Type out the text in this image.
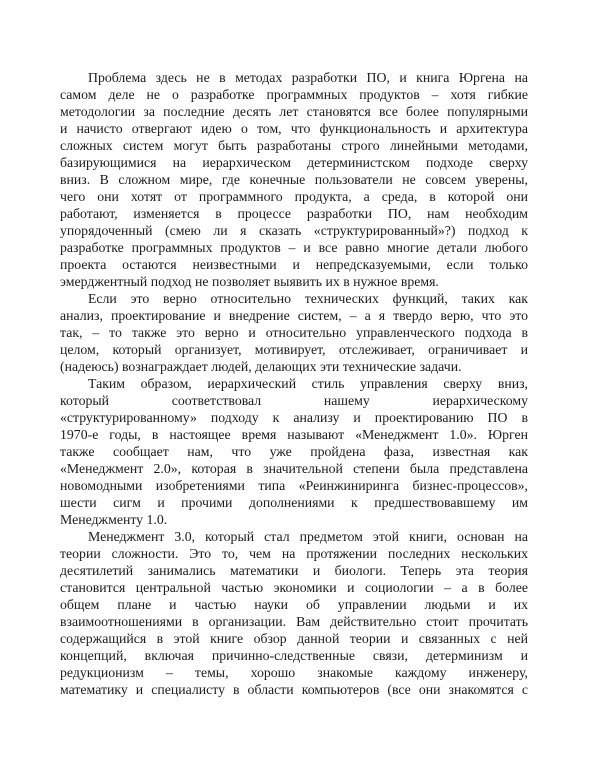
Проблема здесь не в методах разработки ПО, и книга Юргена на
самом деле не о разработке программных продуктов – хотя гибкие
методологии за последние десять лет становятся все более популярными
и начисто отвергают идею о том, что функциональность и архитектура
сложных систем могут быть разработаны строго линейными методами,
базирующимися на иерархическом детерминистском подходе сверху
вниз. В сложном мире, где конечные пользователи не совсем уверены,
чего они хотят от программного продукта, а среда, в которой они
работают, изменяется в процессе разработки ПО, нам необходим
упорядоченный (смею ли я сказать «структурированный»?) подход к
разработке программных продуктов – и все равно многие детали любого
проекта остаются неизвестными и непредсказуемыми, если только
эмерджентный подход не позволяет выявить их в нужное время.

Если это верно относительно технических функций, таких как
анализ, проектирование и внедрение систем, – а я твердо верю, что это
так, – то также это верно и относительно управленческого подхода в
целом, который организует, мотивирует, отслеживает, ограничивает и
(надеюсь) вознаграждает людей, делающих эти технические задачи.

Таким образом, иерархический стиль управления сверху вниз,
который соответствовал нашему иерархическому
«структурированному» подходу к анализу и проектированию ПО в
1970-е годы, в настоящее время называют «Менеджмент 1.0». Юрген
также сообщает нам, что уже пройдена фаза, известная как
«Менеджмент 2.0», которая в значительной степени была представлена
новомодными изобретениями типа «Реинжиниринга бизнес-процессов»,
шести сигм и прочими дополнениями к предшествовавшему им
Менеджменту 1.0.

Менеджмент 3.0, который стал предметом этой книги, основан на
теории сложности. Это то, чем на протяжении последних нескольких
десятилетий занимались математики и биологи. Теперь эта теория
становится центральной частью экономики и социологии – а в более
общем плане и частью науки об управлении людьми и их
взаимоотношениями в организации. Вам действительно стоит прочитать
содержащийся в этой книге обзор данной теории и связанных с ней
концепций, включая причинно-следственные связи, детерминизм и
редукционизм – темы, хорошо знакомые каждому инженеру,
математику и специалисту в области компьютеров (все они знакомятся с
